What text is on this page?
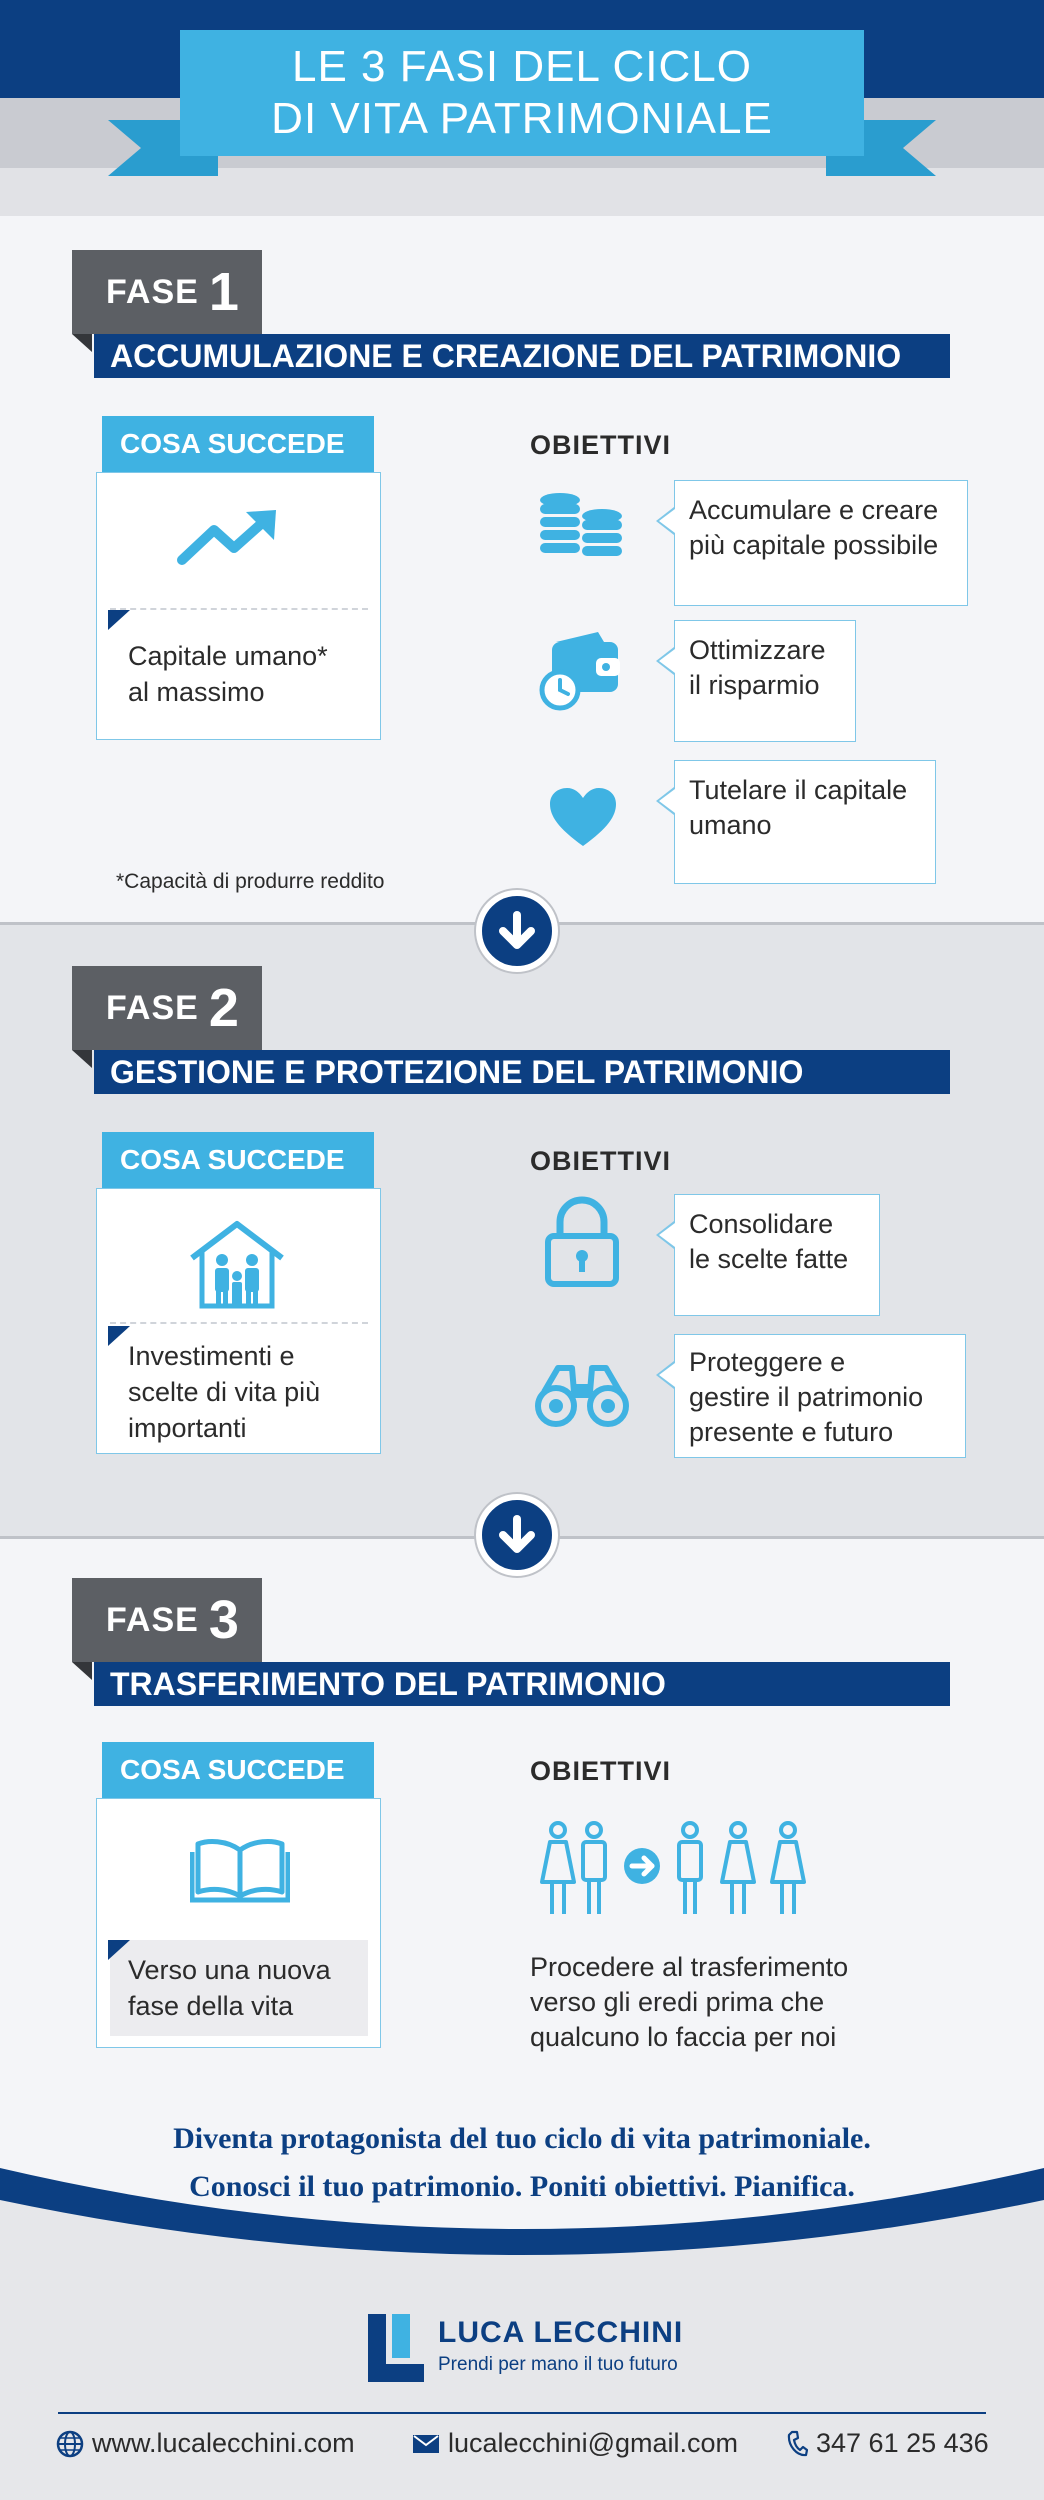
LE 3 FASI DEL CICLO
DI VITA PATRIMONIALE
FASE 1
ACCUMULAZIONE E CREAZIONE DEL PATRIMONIO
COSA SUCCEDE
Capitale umano*
al massimo
OBIETTIVI
Accumulare e creare
più capitale possibile
Ottimizzare
il risparmio
Tutelare il capitale
umano
*Capacità di produrre reddito
FASE 2
GESTIONE E PROTEZIONE DEL PATRIMONIO
COSA SUCCEDE
Investimenti e
scelte di vita più
importanti
OBIETTIVI
Consolidare
le scelte fatte
Proteggere e
gestire il patrimonio
presente e futuro
FASE 3
TRASFERIMENTO DEL PATRIMONIO
COSA SUCCEDE
Verso una nuova
fase della vita
OBIETTIVI
Procedere al trasferimento
verso gli eredi prima che
qualcuno lo faccia per noi
Diventa protagonista del tuo ciclo di vita patrimoniale.
Conosci il tuo patrimonio. Poniti obiettivi. Pianifica.
LUCA LECCHINI
Prendi per mano il tuo futuro
www.lucalecchini.com	lucalecchini@gmail.com	347 61 25 436
